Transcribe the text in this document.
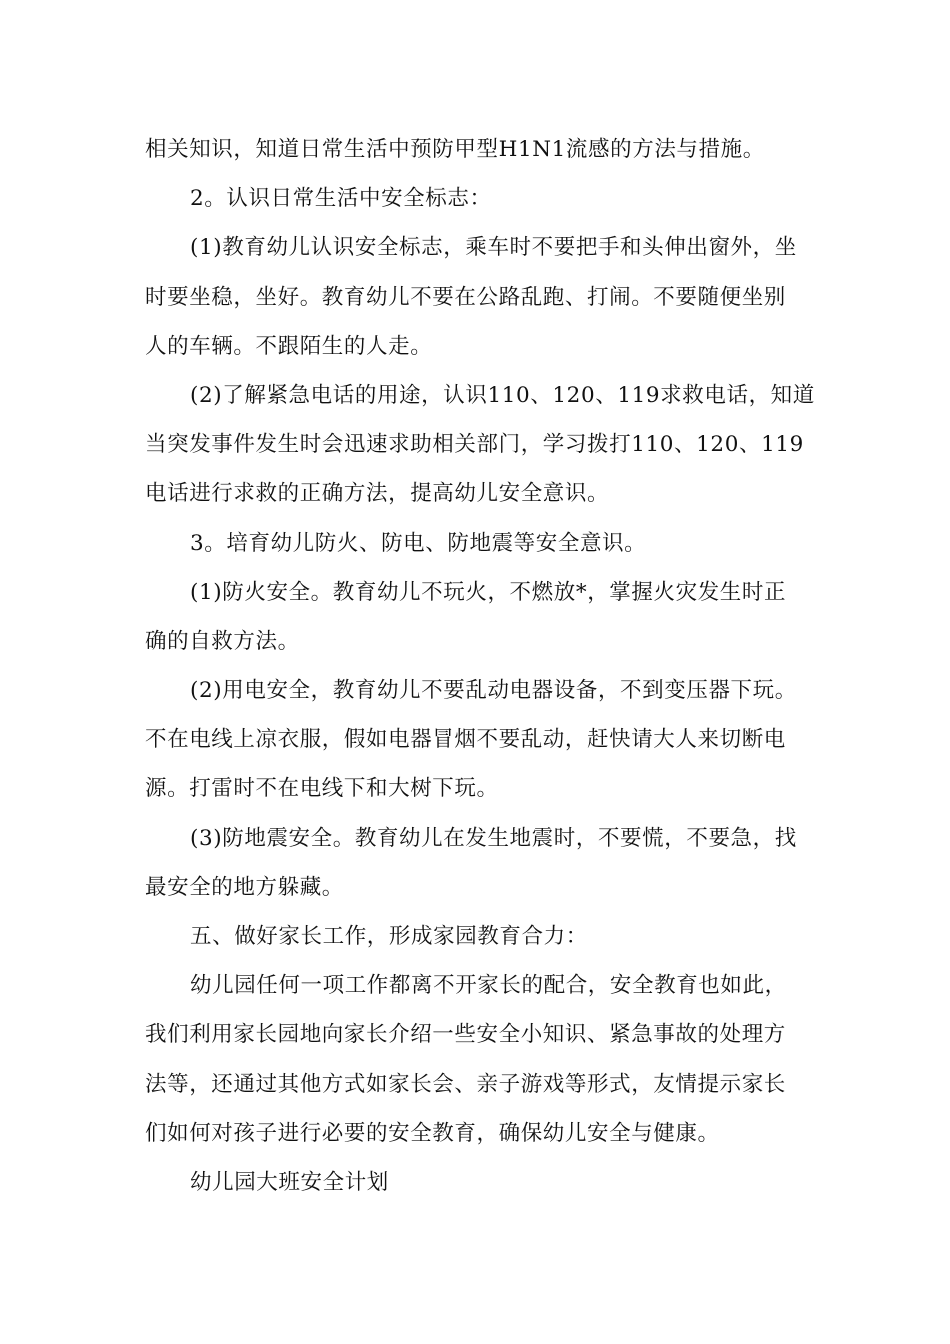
相关知识，知道日常生活中预防甲型H1N1流感的方法与措施。
2。认识日常生活中安全标志：
(1)教育幼儿认识安全标志，乘车时不要把手和头伸出窗外，坐
时要坐稳，坐好。教育幼儿不要在公路乱跑、打闹。不要随便坐别
人的车辆。不跟陌生的人走。
(2)了解紧急电话的用途，认识110、120、119求救电话，知道
当突发事件发生时会迅速求助相关部门，学习拨打110、120、119
电话进行求救的正确方法，提高幼儿安全意识。
3。培育幼儿防火、防电、防地震等安全意识。
(1)防火安全。教育幼儿不玩火，不燃放*，掌握火灾发生时正
确的自救方法。
(2)用电安全，教育幼儿不要乱动电器设备，不到变压器下玩。
不在电线上凉衣服，假如电器冒烟不要乱动，赶快请大人来切断电
源。打雷时不在电线下和大树下玩。
(3)防地震安全。教育幼儿在发生地震时，不要慌，不要急，找
最安全的地方躲藏。
五、做好家长工作，形成家园教育合力：
幼儿园任何一项工作都离不开家长的配合，安全教育也如此，
我们利用家长园地向家长介绍一些安全小知识、紧急事故的处理方
法等，还通过其他方式如家长会、亲子游戏等形式，友情提示家长
们如何对孩子进行必要的安全教育，确保幼儿安全与健康。
幼儿园大班安全计划
